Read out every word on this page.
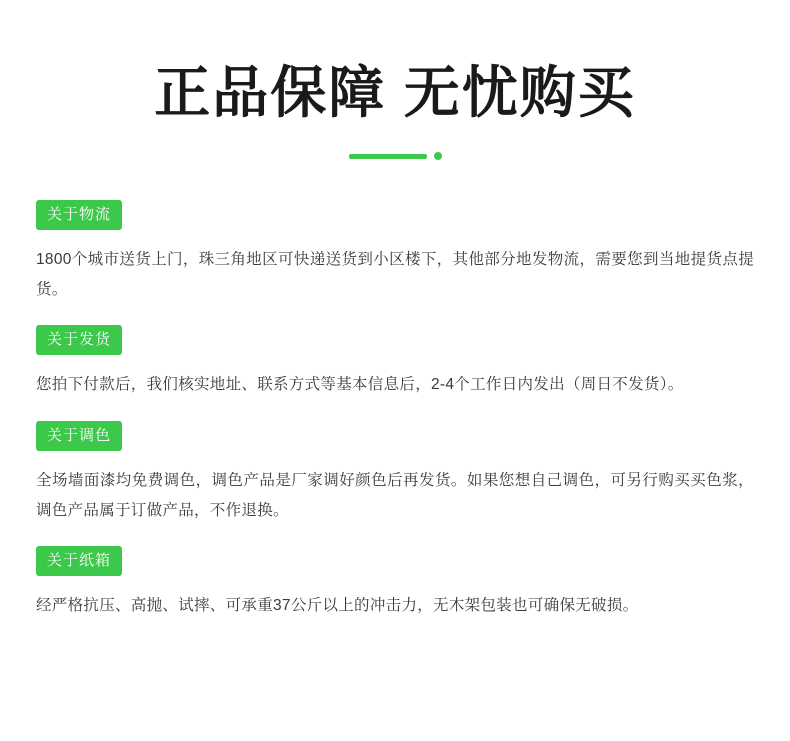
正品保障 无忧购买
关于物流
1800个城市送货上门，珠三角地区可快递送货到小区楼下，其他部分地发物流，需要您到当地提货点提货。
关于发货
您拍下付款后，我们核实地址、联系方式等基本信息后，2-4个工作日内发出（周日不发货）。
关于调色
全场墙面漆均免费调色，调色产品是厂家调好颜色后再发货。如果您想自己调色，可另行购买买色浆，调色产品属于订做产品，不作退换。
关于纸箱
经严格抗压、高抛、试摔、可承重37公斤以上的冲击力，无木架包装也可确保无破损。
